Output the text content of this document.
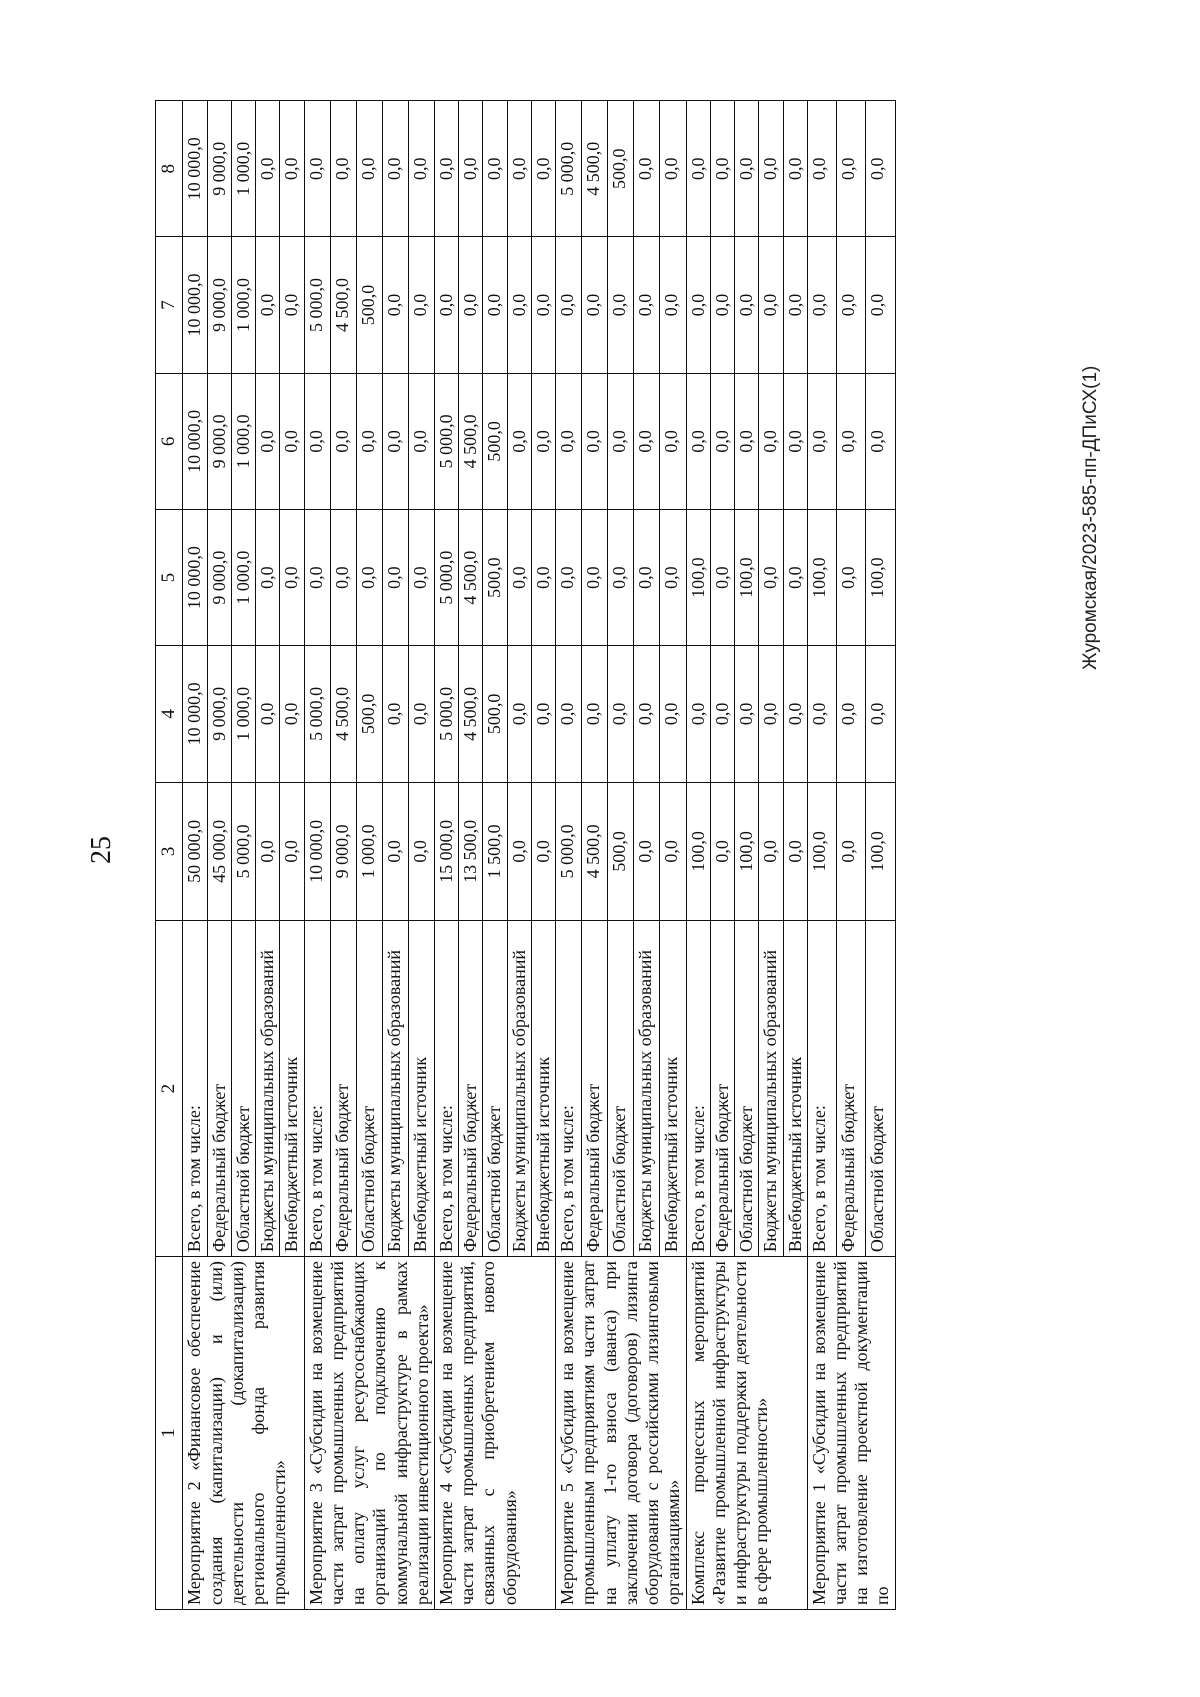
25
1	2	3	4	5	6	7	8
Мероприятие 2 «Финансовое обеспечение создания (капитализации) и (или) деятельности (докапитализации) регионального фонда развития промышленности»	Всего, в том числе:	50 000,0	10 000,0	10 000,0	10 000,0	10 000,0	10 000,0
	Федеральный бюджет	45 000,0	9 000,0	9 000,0	9 000,0	9 000,0	9 000,0
	Областной бюджет	5 000,0	1 000,0	1 000,0	1 000,0	1 000,0	1 000,0
	Бюджеты муниципальных образований	0,0	0,0	0,0	0,0	0,0	0,0
	Внебюджетный источник	0,0	0,0	0,0	0,0	0,0	0,0
Мероприятие 3 «Субсидии на возмещение части затрат промышленных предприятий на оплату услуг ресурсоснабжающих организаций по подключению к коммунальной инфраструктуре в рамках реализации инвестиционного проекта»	Всего, в том числе:	10 000,0	5 000,0	0,0	0,0	5 000,0	0,0
	Федеральный бюджет	9 000,0	4 500,0	0,0	0,0	4 500,0	0,0
	Областной бюджет	1 000,0	500,0	0,0	0,0	500,0	0,0
	Бюджеты муниципальных образований	0,0	0,0	0,0	0,0	0,0	0,0
	Внебюджетный источник	0,0	0,0	0,0	0,0	0,0	0,0
Мероприятие 4 «Субсидии на возмещение части затрат промышленных предприятий, связанных с приобретением нового оборудования»	Всего, в том числе:	15 000,0	5 000,0	5 000,0	5 000,0	0,0	0,0
	Федеральный бюджет	13 500,0	4 500,0	4 500,0	4 500,0	0,0	0,0
	Областной бюджет	1 500,0	500,0	500,0	500,0	0,0	0,0
	Бюджеты муниципальных образований	0,0	0,0	0,0	0,0	0,0	0,0
	Внебюджетный источник	0,0	0,0	0,0	0,0	0,0	0,0
Мероприятие 5 «Субсидии на возмещение промышленным предприятиям части затрат на уплату 1-го взноса (аванса) при заключении договора (договоров) лизинга оборудования с российскими лизинговыми организациями»	Всего, в том числе:	5 000,0	0,0	0,0	0,0	0,0	5 000,0
	Федеральный бюджет	4 500,0	0,0	0,0	0,0	0,0	4 500,0
	Областной бюджет	500,0	0,0	0,0	0,0	0,0	500,0
	Бюджеты муниципальных образований	0,0	0,0	0,0	0,0	0,0	0,0
	Внебюджетный источник	0,0	0,0	0,0	0,0	0,0	0,0
Комплекс процессных мероприятий «Развитие промышленной инфраструктуры и инфраструктуры поддержки деятельности в сфере промышленности»	Всего, в том числе:	100,0	0,0	100,0	0,0	0,0	0,0
	Федеральный бюджет	0,0	0,0	0,0	0,0	0,0	0,0
	Областной бюджет	100,0	0,0	100,0	0,0	0,0	0,0
	Бюджеты муниципальных образований	0,0	0,0	0,0	0,0	0,0	0,0
	Внебюджетный источник	0,0	0,0	0,0	0,0	0,0	0,0
Мероприятие 1 «Субсидии на возмещение части затрат промышленных предприятий на изготовление проектной документации по	Всего, в том числе:	100,0	0,0	100,0	0,0	0,0	0,0
	Федеральный бюджет	0,0	0,0	0,0	0,0	0,0	0,0
	Областной бюджет	100,0	0,0	100,0	0,0	0,0	0,0
Журомская/2023-585-пп-ДПиСХ(1)
